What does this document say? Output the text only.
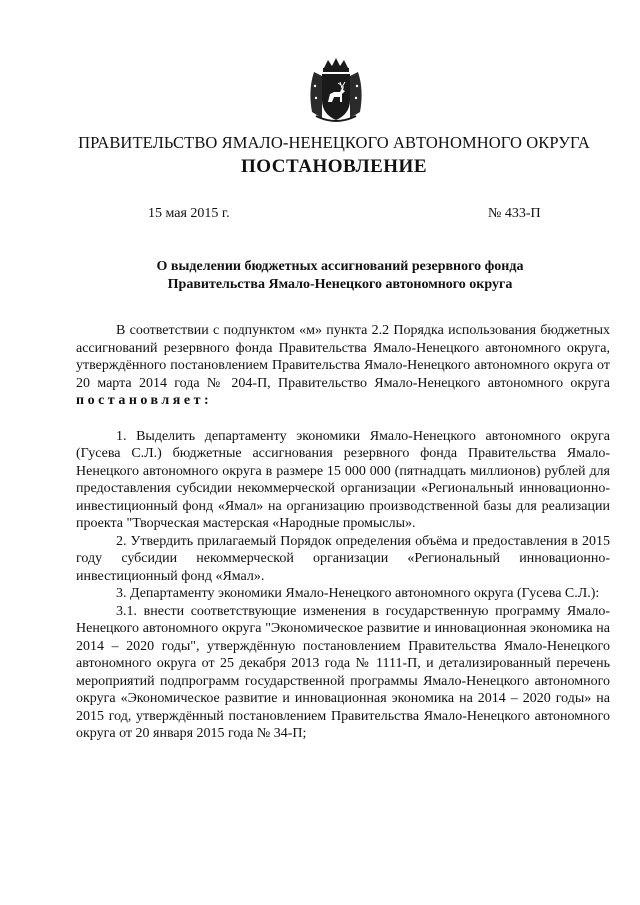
ПРАВИТЕЛЬСТВО ЯМАЛО-НЕНЕЦКОГО АВТОНОМНОГО ОКРУГА
ПОСТАНОВЛЕНИЕ
15 мая 2015 г.	№ 433-П
О выделении бюджетных ассигнований резервного фонда
Правительства Ямало-Ненецкого автономного округа

В соответствии с подпунктом «м» пункта 2.2 Порядка использования бюджетных ассигнований резервного фонда Правительства Ямало-Ненецкого автономного округа, утверждённого постановлением Правительства Ямало-Ненецкого автономного округа от 20 марта 2014 года № 204-П, Правительство Ямало-Ненецкого автономного округа постановляет:

1. Выделить департаменту экономики Ямало-Ненецкого автономного округа (Гусева С.Л.) бюджетные ассигнования резервного фонда Правительства Ямало-Ненецкого автономного округа в размере 15 000 000 (пятнадцать миллионов) рублей для предоставления субсидии некоммерческой организации «Региональный инновационно-инвестиционный фонд «Ямал» на организацию производственной базы для реализации проекта "Творческая мастерская «Народные промыслы».

2. Утвердить прилагаемый Порядок определения объёма и предоставления в 2015 году субсидии некоммерческой организации «Региональный инновационно-инвестиционный фонд «Ямал».

3. Департаменту экономики Ямало-Ненецкого автономного округа (Гусева С.Л.):

3.1. внести соответствующие изменения в государственную программу Ямало-Ненецкого автономного округа "Экономическое развитие и инновационная экономика на 2014 – 2020 годы", утверждённую постановлением Правительства Ямало-Ненецкого автономного округа от 25 декабря 2013 года № 1111-П, и детализированный перечень мероприятий подпрограмм государственной программы Ямало-Ненецкого автономного округа «Экономическое развитие и инновационная экономика на 2014 – 2020 годы» на 2015 год, утверждённый постановлением Правительства Ямало-Ненецкого автономного округа от 20 января 2015 года № 34-П;
